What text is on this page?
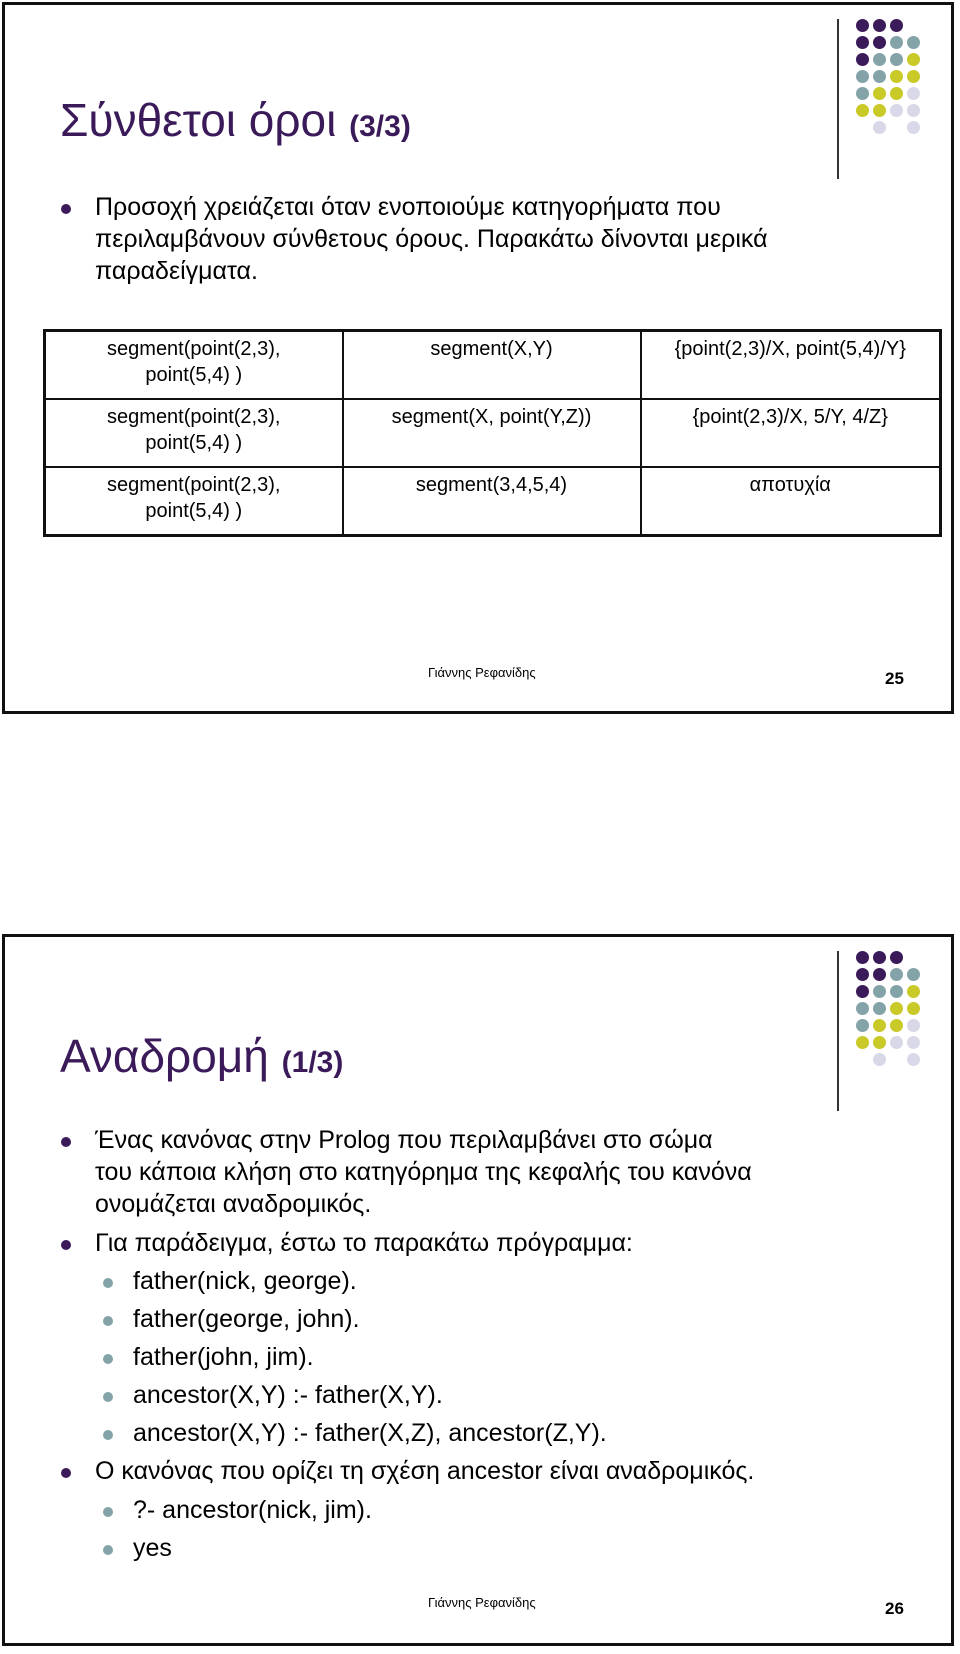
Σύνθετοι όροι (3/3)
Προσοχή χρειάζεται όταν ενοποιούμε κατηγορήματα που
περιλαμβάνουν σύνθετους όρους. Παρακάτω δίνονται μερικά
παραδείγματα.
segment(point(2,3),
point(5,4) )	segment(X,Y)	{point(2,3)/X, point(5,4)/Y}
segment(point(2,3),
point(5,4) )	segment(X, point(Y,Z))	{point(2,3)/X, 5/Y, 4/Z}
segment(point(2,3),
point(5,4) )	segment(3,4,5,4)	αποτυχία
Γιάννης Ρεφανίδης	25
Αναδρομή (1/3)
Ένας κανόνας στην Prolog που περιλαμβάνει στο σώμα
του κάποια κλήση στο κατηγόρημα της κεφαλής του κανόνα
ονομάζεται αναδρομικός.
Για παράδειγμα, έστω το παρακάτω πρόγραμμα:
father(nick, george).
father(george, john).
father(john, jim).
ancestor(X,Y) :- father(X,Y).
ancestor(X,Y) :- father(X,Z), ancestor(Z,Y).
Ο κανόνας που ορίζει τη σχέση ancestor είναι αναδρομικός.
?- ancestor(nick, jim).
yes
Γιάννης Ρεφανίδης	26
